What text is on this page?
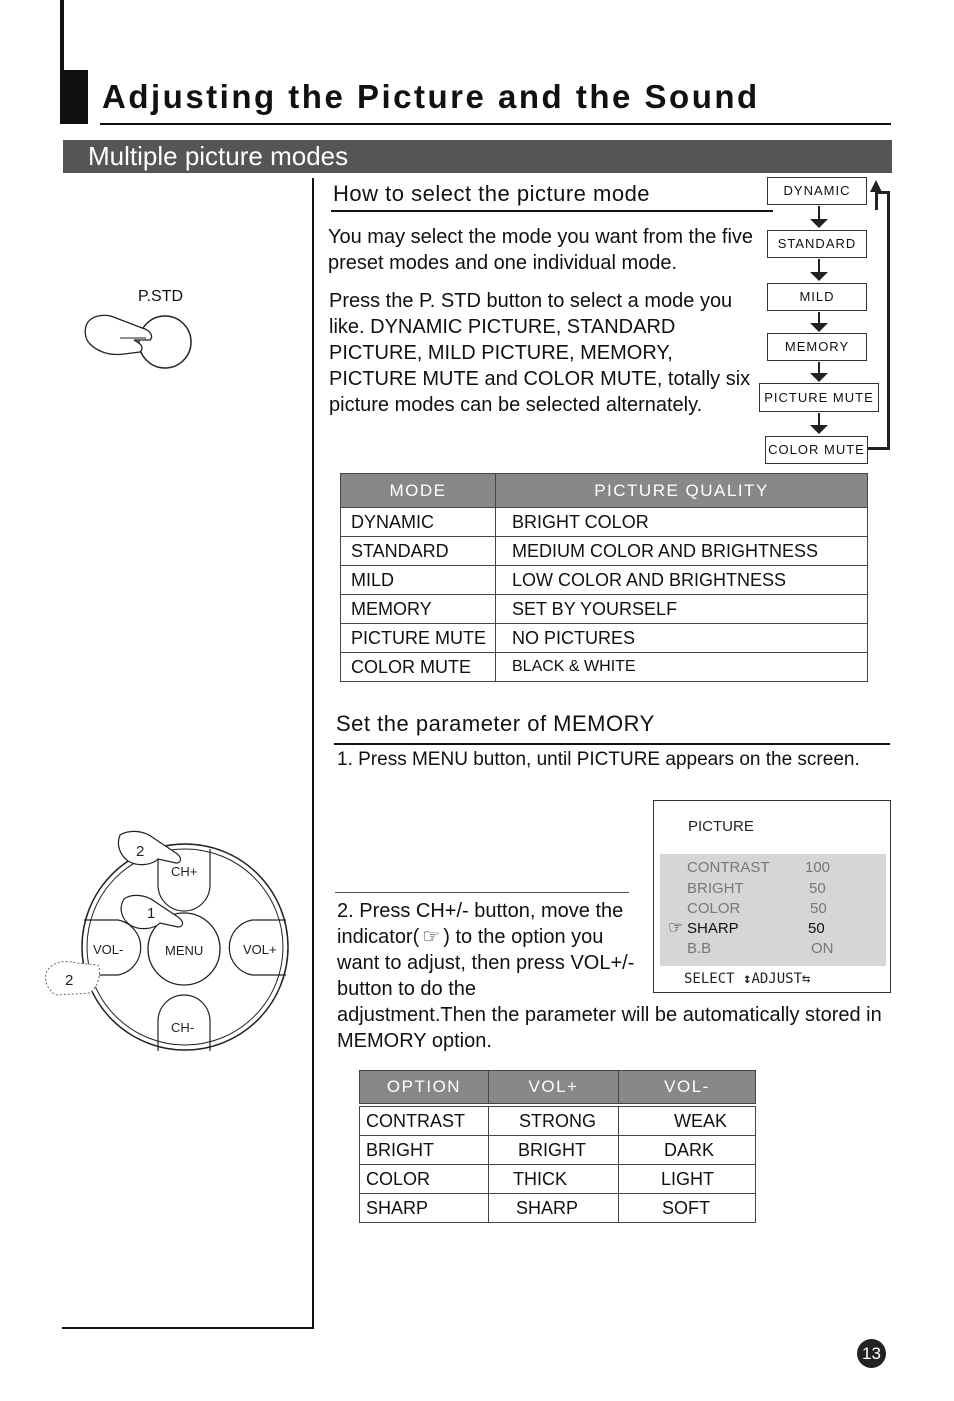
Adjusting the Picture and the Sound
Multiple picture modes
P.STD
How to select the picture mode
You may select the mode you want from the five preset modes and one individual mode.
Press the P. STD button to select a mode you like. DYNAMIC PICTURE, STANDARD PICTURE, MILD PICTURE, MEMORY, PICTURE MUTE and COLOR MUTE, totally six picture modes can be selected alternately.
DYNAMIC
STANDARD
MILD
MEMORY
PICTURE MUTE
COLOR MUTE
MODE	PICTURE QUALITY
DYNAMIC	BRIGHT COLOR
STANDARD	MEDIUM COLOR AND BRIGHTNESS
MILD	LOW COLOR AND BRIGHTNESS
MEMORY	SET BY YOURSELF
PICTURE MUTE	NO PICTURES
COLOR MUTE	BLACK & WHITE
Set the parameter of MEMORY
1. Press MENU button, until PICTURE appears on the screen.
2. Press CH+/- button, move the indicator( ☞ ) to the option you want to adjust, then press VOL+/- button to do the
adjustment.Then the parameter will be automatically stored in MEMORY option.
PICTURE
CONTRAST 100
BRIGHT	50
COLOR	50
☞ SHARP	50
B.B	ON
SELECT ↕ADJUST⇆
CH+
CH-
VOL-	VOL+
MENU
1
2
2
OPTION	VOL+	VOL-

CONTRAST	STRONG	WEAK
BRIGHT	BRIGHT	DARK
COLOR	THICK	LIGHT
SHARP	SHARP	SOFT
13
